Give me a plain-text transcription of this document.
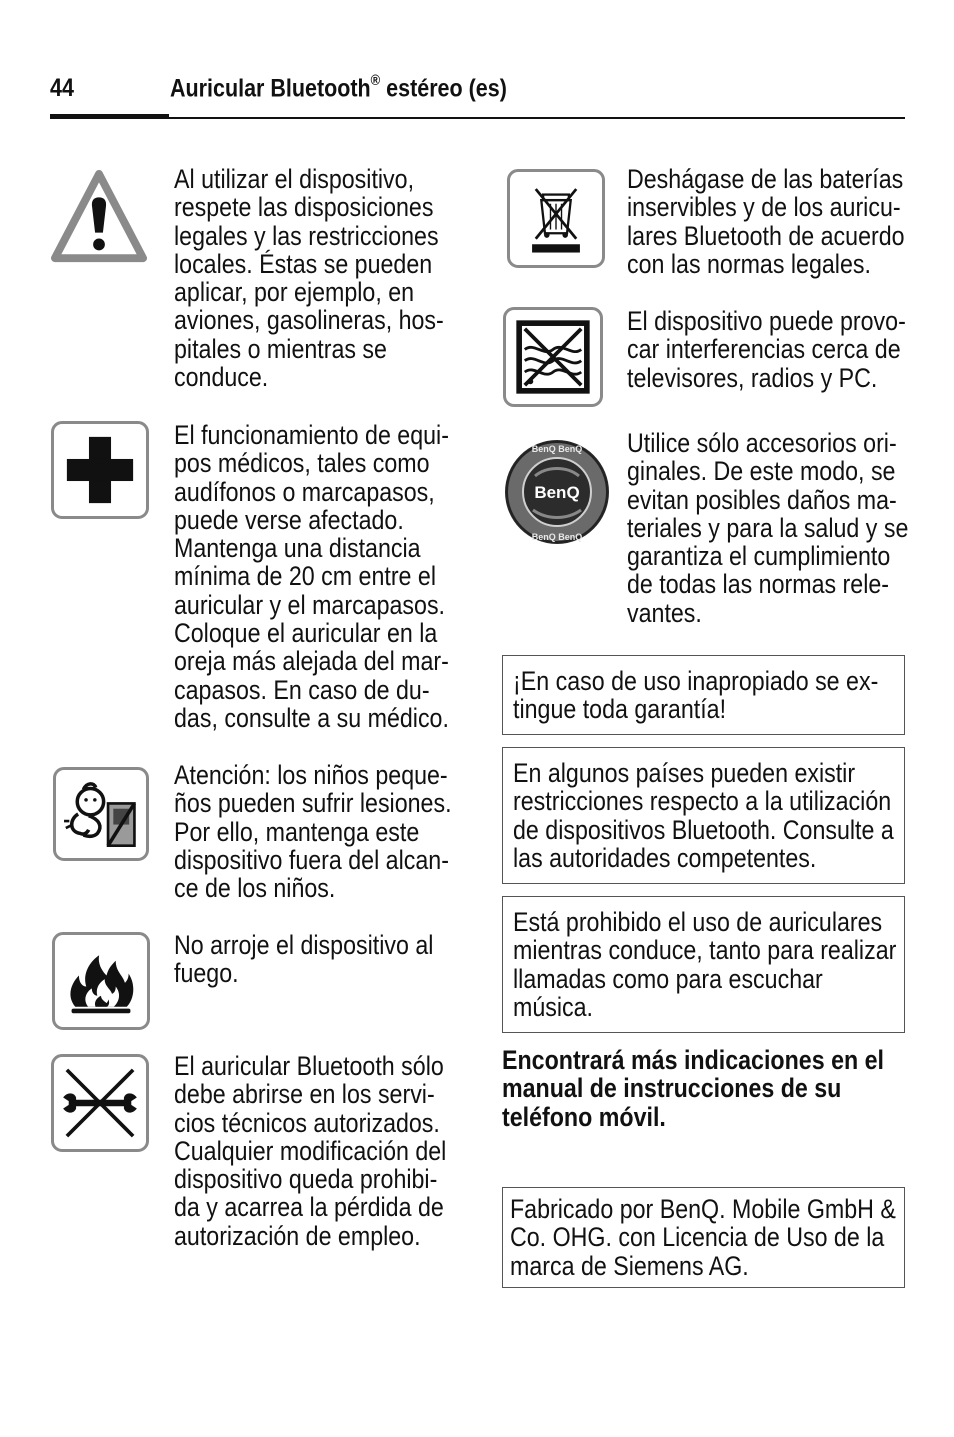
44	Auricular Bluetooth® estéreo (es)
Al utilizar el dispositivo,
respete las disposiciones
legales y las restricciones
locales. Éstas se pueden
aplicar, por ejemplo, en
aviones, gasolineras, hos-
pitales o mientras se
conduce.
El funcionamiento de equi-
pos médicos, tales como
audífonos o marcapasos,
puede verse afectado.
Mantenga una distancia
mínima de 20 cm entre el
auricular y el marcapasos.
Coloque el auricular en la
oreja más alejada del mar-
capasos. En caso de du-
das, consulte a su médico.
Atención: los niños peque-
ños pueden sufrir lesiones.
Por ello, mantenga este
dispositivo fuera del alcan-
ce de los niños.
No arroje el dispositivo al
fuego.
El auricular Bluetooth sólo
debe abrirse en los servi-
cios técnicos autorizados.
Cualquier modificación del
dispositivo queda prohibi-
da y acarrea la pérdida de
autorización de empleo.
Deshágase de las baterías
inservibles y de los auricu-
lares Bluetooth de acuerdo
con las normas legales.
El dispositivo puede provo-
car interferencias cerca de
televisores, radios y PC.
BenQ
BenQ BenQ
BenQ BenQ
Utilice sólo accesorios ori-
ginales. De este modo, se
evitan posibles daños ma-
teriales y para la salud y se
garantiza el cumplimiento
de todas las normas rele-
vantes.
¡En caso de uso inapropiado se ex-
tingue toda garantía!
En algunos países pueden existir
restricciones respecto a la utilización
de dispositivos Bluetooth. Consulte a
las autoridades competentes.
Está prohibido el uso de auriculares
mientras conduce, tanto para realizar
llamadas como para escuchar
música.
Encontrará más indicaciones en el
manual de instrucciones de su
teléfono móvil.
Fabricado por BenQ. Mobile GmbH &
Co. OHG. con Licencia de Uso de la
marca de Siemens AG.
